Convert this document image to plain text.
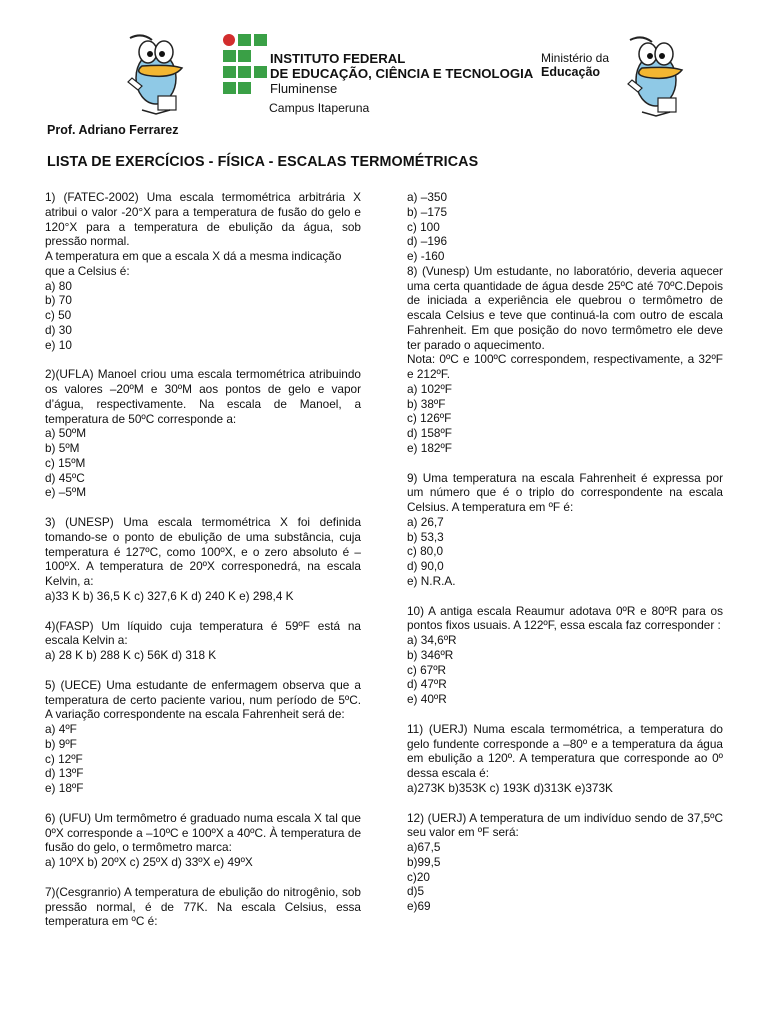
INSTITUTO FEDERAL
DE EDUCAÇÃO, CIÊNCIA E TECNOLOGIA
Fluminense
Campus Itaperuna
Ministério da
Educação
Prof. Adriano Ferrarez
LISTA DE EXERCÍCIOS - FÍSICA - ESCALAS TERMOMÉTRICAS

1) (FATEC-2002) Uma escala termométrica arbitrária X atribui o valor -20°X para a temperatura de fusão do gelo e 120°X para a temperatura de ebulição da água, sob pressão normal.

A temperatura em que a escala X dá a mesma indicação que a Celsius é:

a) 80

b) 70

c) 50

d) 30

e) 10

2)(UFLA) Manoel criou uma escala termométrica atribuindo os valores –20ºM e 30ºM aos pontos de gelo e vapor d’água, respectivamente. Na escala de Manoel, a temperatura de 50ºC corresponde a:

a) 50ºM

b) 5ºM

c) 15ºM

d) 45ºC

e) –5ºM

3) (UNESP) Uma escala termométrica X foi definida tomando-se o ponto de ebulição de uma substância, cuja temperatura é 127ºC, como 100ºX, e o zero absoluto é –100ºX. A temperatura de 20ºX corresponedrá, na escala Kelvin, a:

a)33 K b) 36,5 K c) 327,6 K d) 240 K e) 298,4 K

4)(FASP) Um líquido cuja temperatura é 59ºF está na escala Kelvin a:

a) 28 K b) 288 K c) 56K d) 318 K

5) (UECE) Uma estudante de enfermagem observa que a temperatura de certo paciente variou, num período de 5ºC. A variação correspondente na escala Fahrenheit será de:

a) 4ºF

b) 9ºF

c) 12ºF

d) 13ºF

e) 18ºF

6) (UFU) Um termômetro é graduado numa escala X tal que 0ºX corresponde a –10ºC e 100ºX a 40ºC. À temperatura de fusão do gelo, o termômetro marca:

a) 10ºX b) 20ºX c) 25ºX d) 33ºX e) 49ºX

7)(Cesgranrio) A temperatura de ebulição do nitrogênio, sob pressão normal, é de 77K. Na escala Celsius, essa temperatura em ºC é:

a) –350

b) –175

c) 100

d) –196

e) -160

8) (Vunesp) Um estudante, no laboratório, deveria aquecer uma certa quantidade de água desde 25ºC até 70ºC.Depois de iniciada a experiência ele quebrou o termômetro de escala Celsius e teve que continuá-la com outro de escala Fahrenheit. Em que posição do novo termômetro ele deve ter parado o aquecimento.

Nota: 0ºC e 100ºC correspondem, respectivamente, a 32ºF e 212ºF.

a) 102ºF

b) 38ºF

c) 126ºF

d) 158ºF

e) 182ºF

9) Uma temperatura na escala Fahrenheit é expressa por um número que é o triplo do correspondente na escala Celsius. A temperatura em ºF é:

a) 26,7

b) 53,3

c) 80,0

d) 90,0

e) N.R.A.

10) A antiga escala Reaumur adotava 0ºR e 80ºR para os pontos fixos usuais. A 122ºF, essa escala faz corresponder :

a) 34,6ºR

b) 346ºR

c) 67ºR

d) 47ºR

e) 40ºR

11) (UERJ) Numa escala termométrica, a temperatura do gelo fundente corresponde a –80º e a temperatura da água em ebulição a 120º. A temperatura que corresponde ao 0º dessa escala é:

a)273K b)353K c) 193K d)313K e)373K

12) (UERJ) A temperatura de um indivíduo sendo de 37,5ºC seu valor em ºF será:

a)67,5

b)99,5

c)20

d)5

e)69
